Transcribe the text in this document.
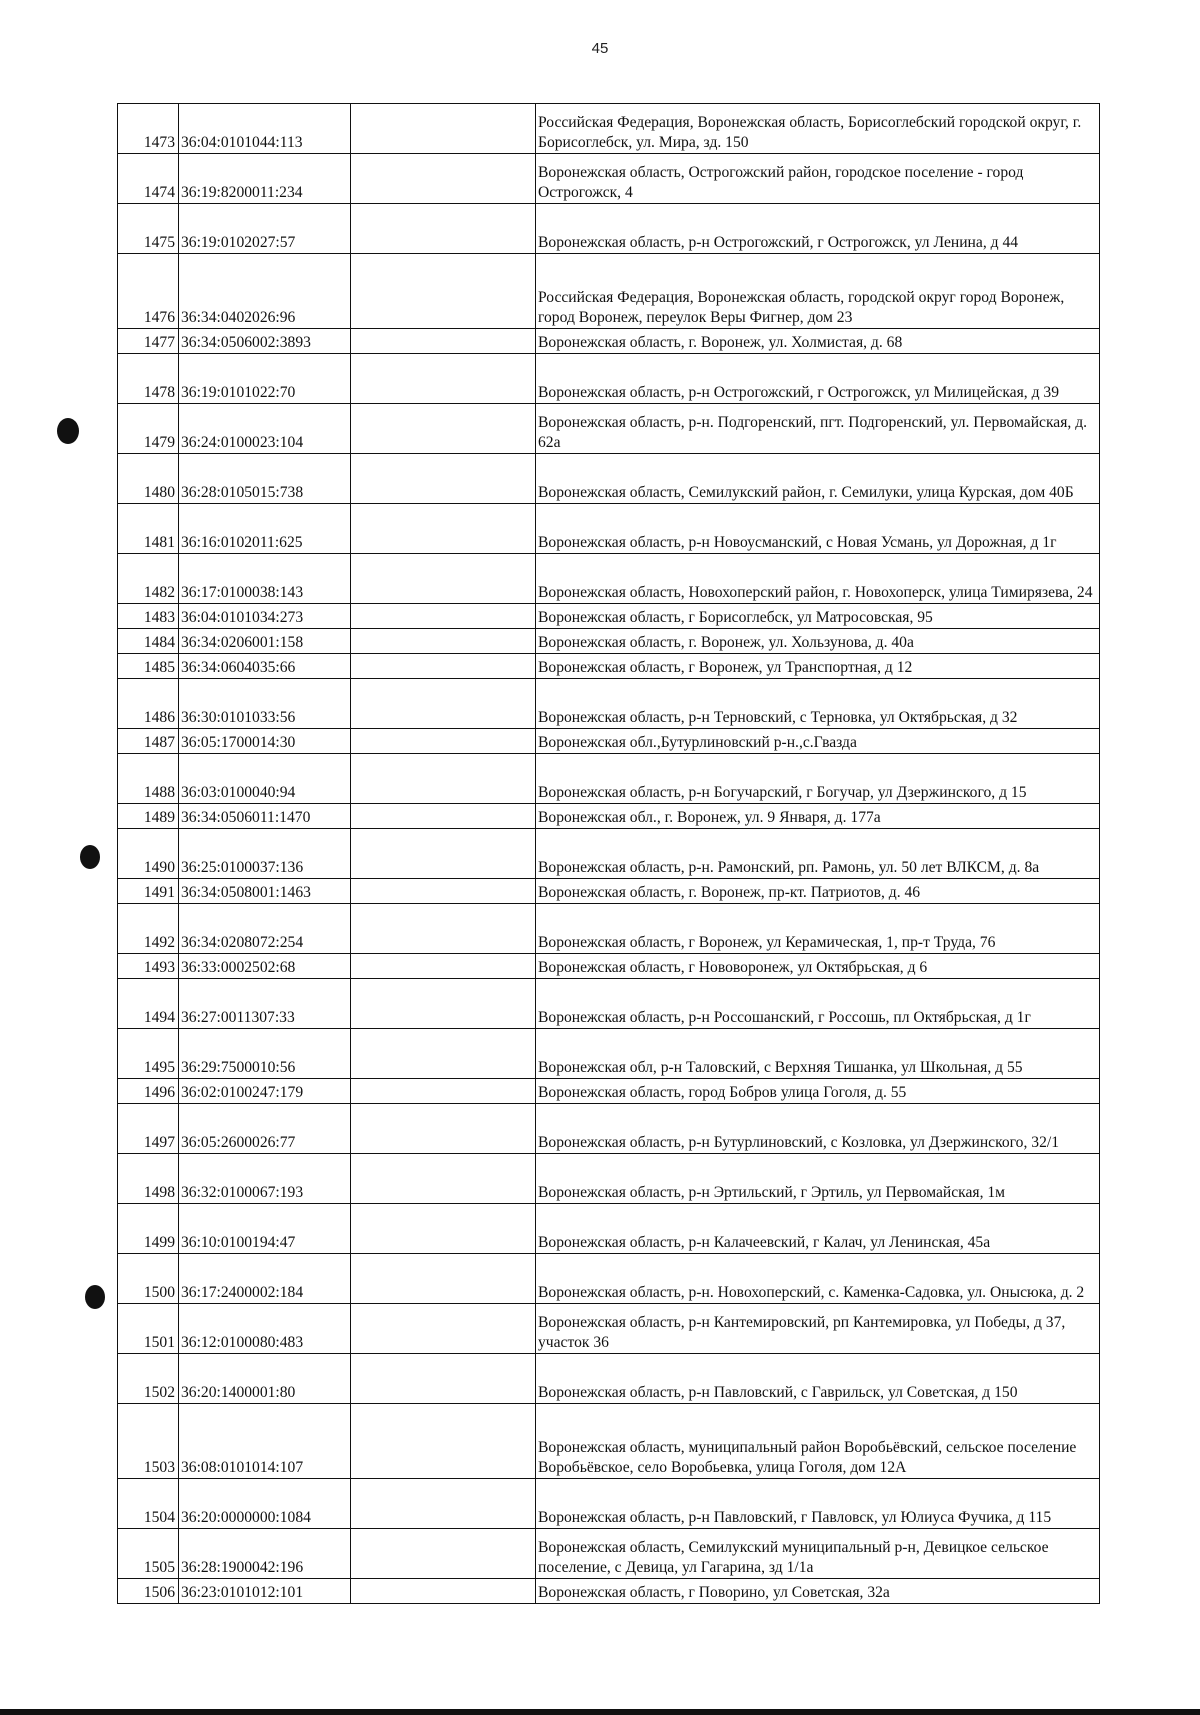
45
1473	36:04:0101044:113		Российская Федерация, Воронежская область, Борисоглебский городской округ, г. Борисоглебск, ул. Мира, зд. 150
1474	36:19:8200011:234		Воронежская область, Острогожский район, городское поселение - город Острогожск, 4
1475	36:19:0102027:57		Воронежская область, р-н Острогожский, г Острогожск, ул Ленина, д 44
1476	36:34:0402026:96		Российская Федерация, Воронежская область, городской округ город Воронеж, город Воронеж, переулок Веры Фигнер, дом 23
1477	36:34:0506002:3893		Воронежская область, г. Воронеж, ул. Холмистая, д. 68
1478	36:19:0101022:70		Воронежская область, р-н Острогожский, г Острогожск, ул Милицейская, д 39
1479	36:24:0100023:104		Воронежская область, р-н. Подгоренский, пгт. Подгоренский, ул. Первомайская, д. 62а
1480	36:28:0105015:738		Воронежская область, Семилукский район, г. Семилуки, улица Курская, дом 40Б
1481	36:16:0102011:625		Воронежская область, р-н Новоусманский, с Новая Усмань, ул Дорожная, д 1г
1482	36:17:0100038:143		Воронежская область, Новохоперский район, г. Новохоперск, улица Тимирязева, 24
1483	36:04:0101034:273		Воронежская область, г Борисоглебск, ул Матросовская, 95
1484	36:34:0206001:158		Воронежская область, г. Воронеж, ул. Хользунова, д. 40а
1485	36:34:0604035:66		Воронежская область, г Воронеж, ул Транспортная, д 12
1486	36:30:0101033:56		Воронежская область, р-н Терновский, с Терновка, ул Октябрьская, д 32
1487	36:05:1700014:30		Воронежская обл.,Бутурлиновский р-н.,с.Гвазда
1488	36:03:0100040:94		Воронежская область, р-н Богучарский, г Богучар, ул Дзержинского, д 15
1489	36:34:0506011:1470		Воронежская обл., г. Воронеж, ул. 9 Января, д. 177а
1490	36:25:0100037:136		Воронежская область, р-н. Рамонский, рп. Рамонь, ул. 50 лет ВЛКСМ, д. 8а
1491	36:34:0508001:1463		Воронежская область, г. Воронеж, пр-кт. Патриотов, д. 46
1492	36:34:0208072:254		Воронежская область, г Воронеж, ул Керамическая, 1, пр-т Труда, 76
1493	36:33:0002502:68		Воронежская область, г Нововоронеж, ул Октябрьская, д 6
1494	36:27:0011307:33		Воронежская область, р-н Россошанский, г Россошь, пл Октябрьская, д 1г
1495	36:29:7500010:56		Воронежская обл, р-н Таловский, с Верхняя Тишанка, ул Школьная, д 55
1496	36:02:0100247:179		Воронежская область, город Бобров улица Гоголя, д. 55
1497	36:05:2600026:77		Воронежская область, р-н Бутурлиновский, с Козловка, ул Дзержинского, 32/1
1498	36:32:0100067:193		Воронежская область, р-н Эртильский, г Эртиль, ул Первомайская, 1м
1499	36:10:0100194:47		Воронежская область, р-н Калачеевский, г Калач, ул Ленинская, 45а
1500	36:17:2400002:184		Воронежская область, р-н. Новохоперский, с. Каменка-Садовка, ул. Онысюка, д. 2
1501	36:12:0100080:483		Воронежская область, р-н Кантемировский, рп Кантемировка, ул Победы, д 37, участок 36
1502	36:20:1400001:80		Воронежская область, р-н Павловский, с Гаврильск, ул Советская, д 150
1503	36:08:0101014:107		Воронежская область, муниципальный район Воробьёвский, сельское поселение Воробьёвское, село Воробьевка, улица Гоголя, дом 12А
1504	36:20:0000000:1084		Воронежская область, р-н Павловский, г Павловск, ул Юлиуса Фучика, д 115
1505	36:28:1900042:196		Воронежская область, Семилукский муниципальный р-н, Девицкое сельское поселение, с Девица, ул Гагарина, зд 1/1а
1506	36:23:0101012:101		Воронежская область, г Поворино, ул Советская, 32а
